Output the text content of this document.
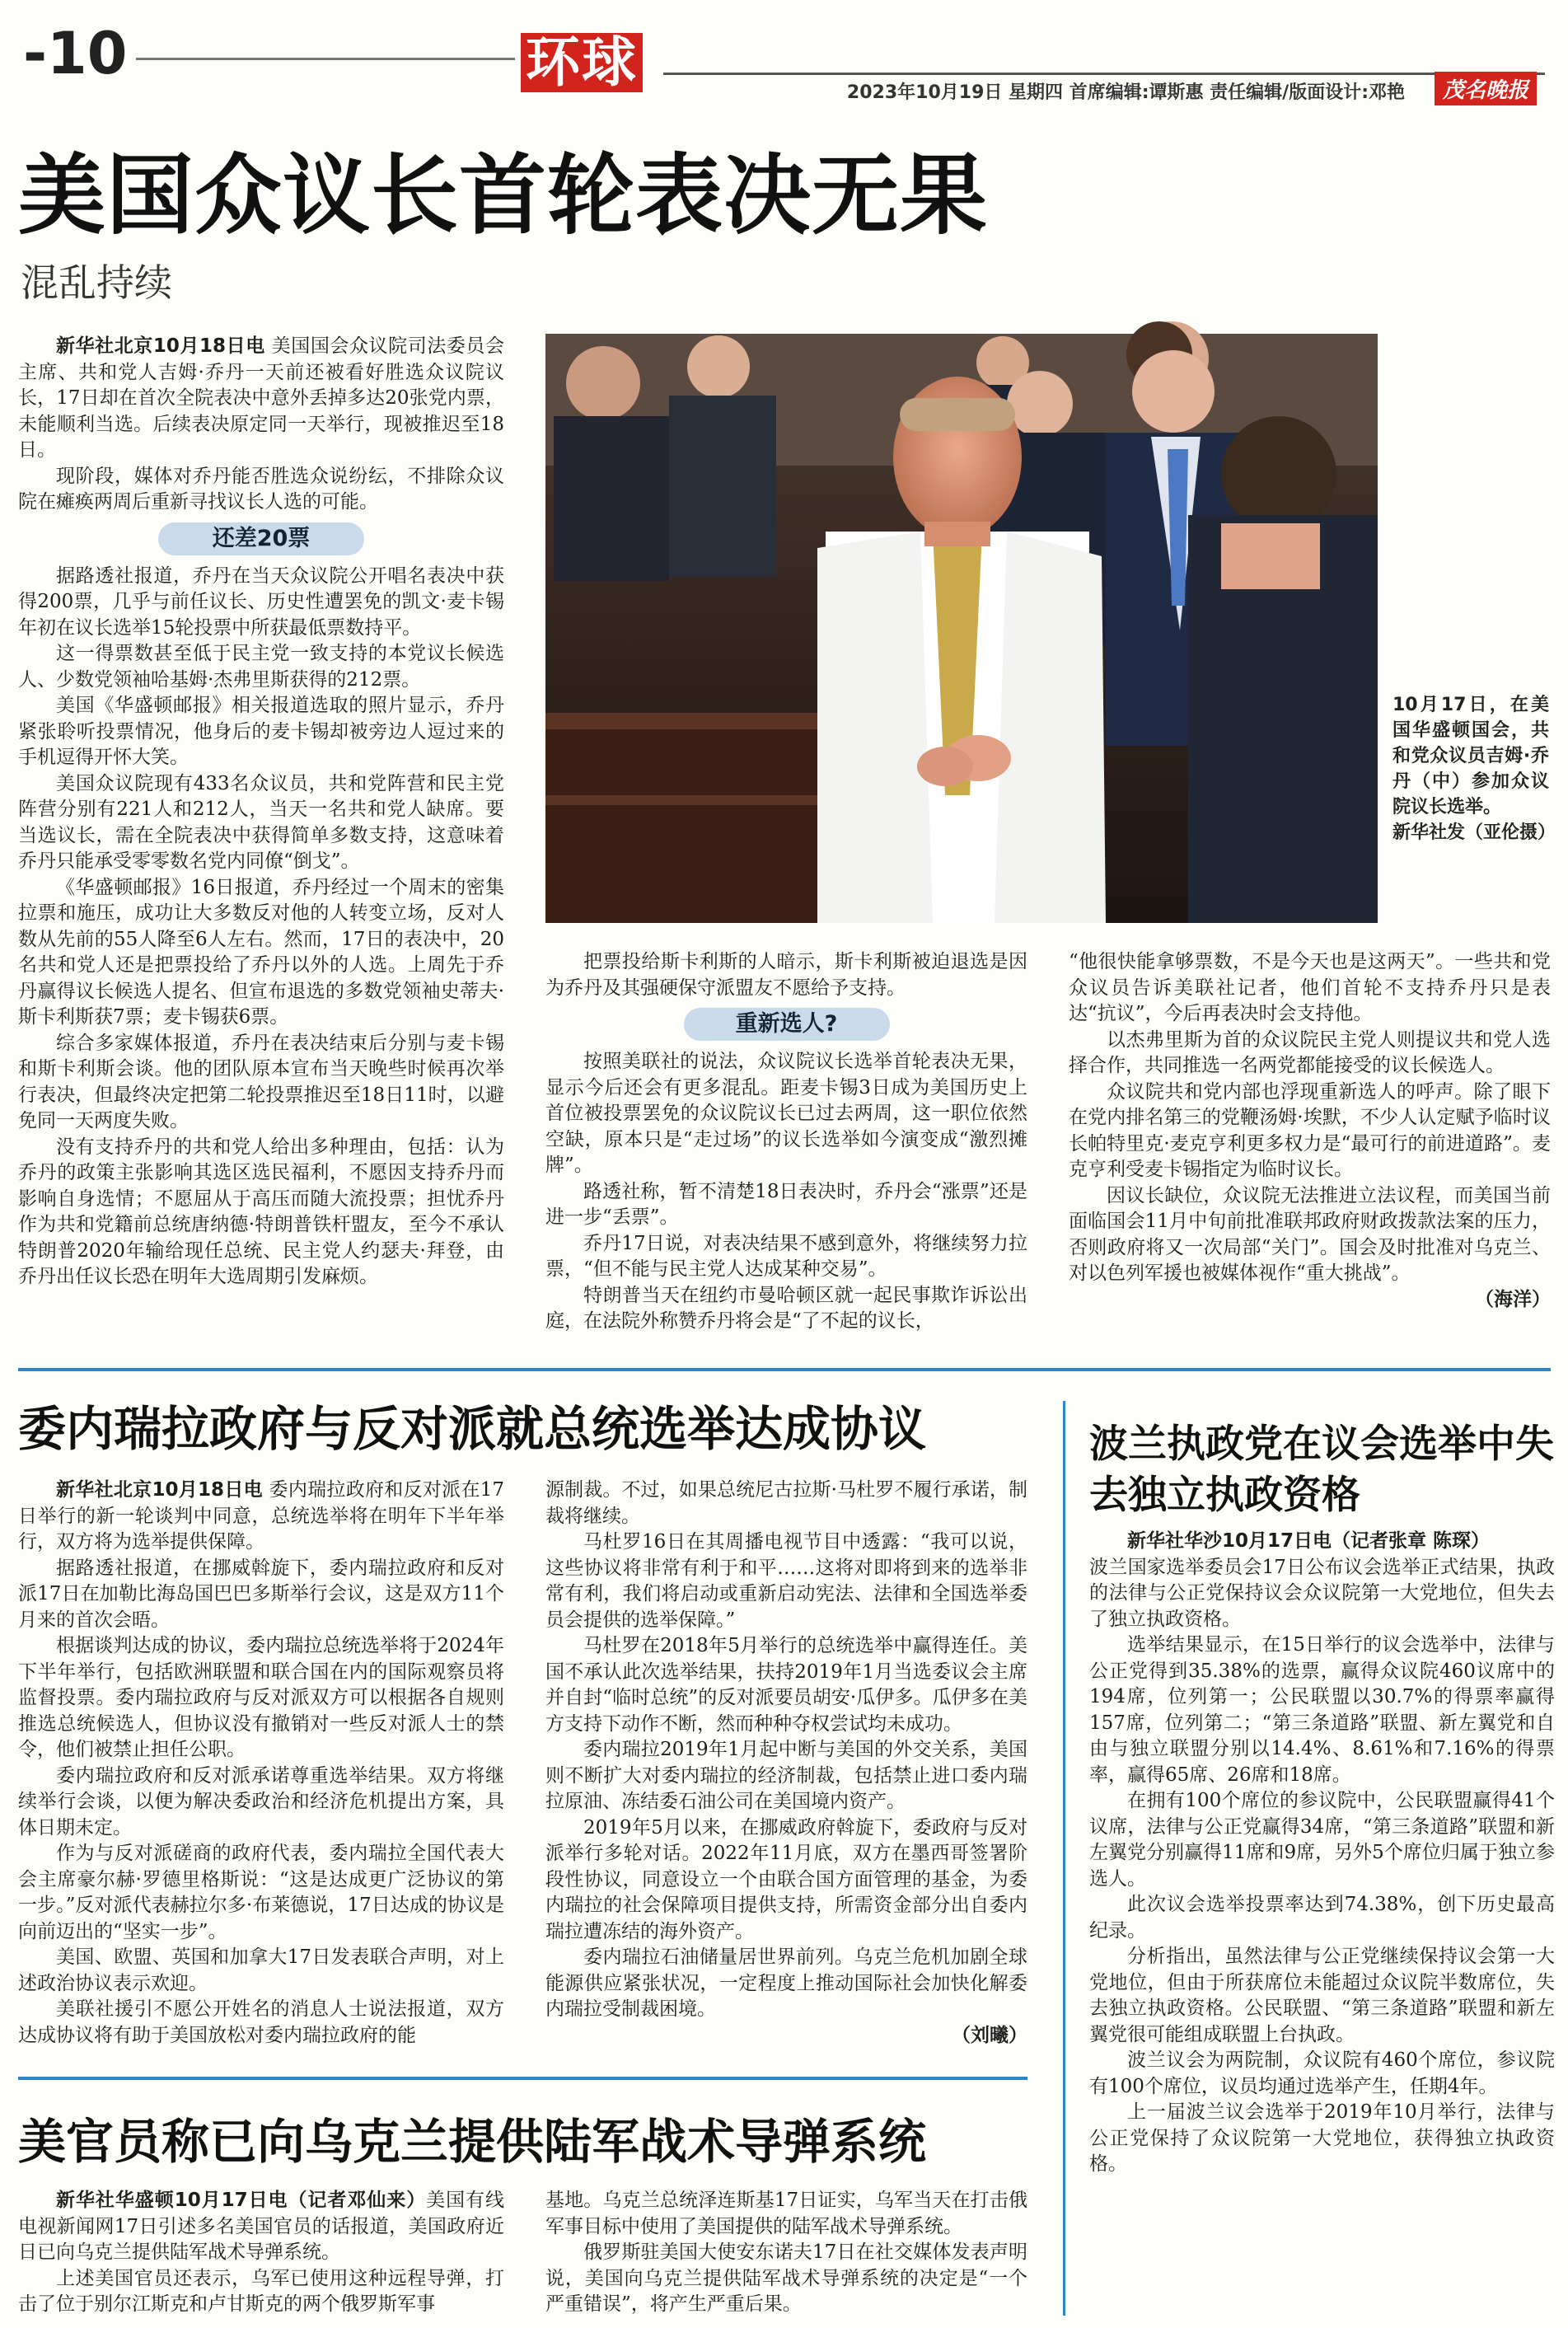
-10	环球	2023年10月19日 星期四 首席编辑:谭斯惠 责任编辑/版面设计:邓艳	茂名晚报
美国众议长首轮表决无果
混乱持续

新华社北京10月18日电 美国国会众议院司法委员会主席、共和党人吉姆·乔丹一天前还被看好胜选众议院议长，17日却在首次全院表决中意外丢掉多达20张党内票，未能顺利当选。后续表决原定同一天举行，现被推迟至18日。

现阶段，媒体对乔丹能否胜选众说纷纭，不排除众议院在瘫痪两周后重新寻找议长人选的可能。

还差20票

据路透社报道，乔丹在当天众议院公开唱名表决中获得200票，几乎与前任议长、历史性遭罢免的凯文·麦卡锡年初在议长选举15轮投票中所获最低票数持平。

这一得票数甚至低于民主党一致支持的本党议长候选人、少数党领袖哈基姆·杰弗里斯获得的212票。

美国《华盛顿邮报》相关报道选取的照片显示，乔丹紧张聆听投票情况，他身后的麦卡锡却被旁边人逗过来的手机逗得开怀大笑。

美国众议院现有433名众议员，共和党阵营和民主党阵营分别有221人和212人，当天一名共和党人缺席。要当选议长，需在全院表决中获得简单多数支持，这意味着乔丹只能承受零零数名党内同僚“倒戈”。

《华盛顿邮报》16日报道，乔丹经过一个周末的密集拉票和施压，成功让大多数反对他的人转变立场，反对人数从先前的55人降至6人左右。然而，17日的表决中，20名共和党人还是把票投给了乔丹以外的人选。上周先于乔丹赢得议长候选人提名、但宣布退选的多数党领袖史蒂夫·斯卡利斯获7票；麦卡锡获6票。

综合多家媒体报道，乔丹在表决结束后分别与麦卡锡和斯卡利斯会谈。他的团队原本宣布当天晚些时候再次举行表决，但最终决定把第二轮投票推迟至18日11时，以避免同一天两度失败。

没有支持乔丹的共和党人给出多种理由，包括：认为乔丹的政策主张影响其选区选民福利，不愿因支持乔丹而影响自身选情；不愿屈从于高压而随大流投票；担忧乔丹作为共和党籍前总统唐纳德·特朗普铁杆盟友，至今不承认特朗普2020年输给现任总统、民主党人约瑟夫·拜登，由乔丹出任议长恐在明年大选周期引发麻烦。

10月17日，在美国华盛顿国会，共和党众议员吉姆·乔丹（中）参加众议院议长选举。
新华社发（亚伦摄）

把票投给斯卡利斯的人暗示，斯卡利斯被迫退选是因为乔丹及其强硬保守派盟友不愿给予支持。

重新选人?

按照美联社的说法，众议院议长选举首轮表决无果，显示今后还会有更多混乱。距麦卡锡3日成为美国历史上首位被投票罢免的众议院议长已过去两周，这一职位依然空缺，原本只是“走过场”的议长选举如今演变成“激烈摊牌”。

路透社称，暂不清楚18日表决时，乔丹会“涨票”还是进一步“丢票”。

乔丹17日说，对表决结果不感到意外，将继续努力拉票，“但不能与民主党人达成某种交易”。

特朗普当天在纽约市曼哈顿区就一起民事欺诈诉讼出庭，在法院外称赞乔丹将会是“了不起的议长，

“他很快能拿够票数，不是今天也是这两天”。一些共和党众议员告诉美联社记者，他们首轮不支持乔丹只是表达“抗议”，今后再表决时会支持他。

以杰弗里斯为首的众议院民主党人则提议共和党人选择合作，共同推选一名两党都能接受的议长候选人。

众议院共和党内部也浮现重新选人的呼声。除了眼下在党内排名第三的党鞭汤姆·埃默，不少人认定赋予临时议长帕特里克·麦克亨利更多权力是“最可行的前进道路”。麦克亨利受麦卡锡指定为临时议长。

因议长缺位，众议院无法推进立法议程，而美国当前面临国会11月中旬前批准联邦政府财政拨款法案的压力，否则政府将又一次局部“关门”。国会及时批准对乌克兰、对以色列军援也被媒体视作“重大挑战”。

（海洋）

委内瑞拉政府与反对派就总统选举达成协议

新华社北京10月18日电 委内瑞拉政府和反对派在17日举行的新一轮谈判中同意，总统选举将在明年下半年举行，双方将为选举提供保障。

据路透社报道，在挪威斡旋下，委内瑞拉政府和反对派17日在加勒比海岛国巴巴多斯举行会议，这是双方11个月来的首次会晤。

根据谈判达成的协议，委内瑞拉总统选举将于2024年下半年举行，包括欧洲联盟和联合国在内的国际观察员将监督投票。委内瑞拉政府与反对派双方可以根据各自规则推选总统候选人，但协议没有撤销对一些反对派人士的禁令，他们被禁止担任公职。

委内瑞拉政府和反对派承诺尊重选举结果。双方将继续举行会谈，以便为解决委政治和经济危机提出方案，具体日期未定。

作为与反对派磋商的政府代表，委内瑞拉全国代表大会主席豪尔赫·罗德里格斯说：“这是达成更广泛协议的第一步。”反对派代表赫拉尔多·布莱德说，17日达成的协议是向前迈出的“坚实一步”。

美国、欧盟、英国和加拿大17日发表联合声明，对上述政治协议表示欢迎。

美联社援引不愿公开姓名的消息人士说法报道，双方达成协议将有助于美国放松对委内瑞拉政府的能

源制裁。不过，如果总统尼古拉斯·马杜罗不履行承诺，制裁将继续。

马杜罗16日在其周播电视节目中透露：“我可以说，这些协议将非常有利于和平……这将对即将到来的选举非常有利，我们将启动或重新启动宪法、法律和全国选举委员会提供的选举保障。”

马杜罗在2018年5月举行的总统选举中赢得连任。美国不承认此次选举结果，扶持2019年1月当选委议会主席并自封“临时总统”的反对派要员胡安·瓜伊多。瓜伊多在美方支持下动作不断，然而种种夺权尝试均未成功。

委内瑞拉2019年1月起中断与美国的外交关系，美国则不断扩大对委内瑞拉的经济制裁，包括禁止进口委内瑞拉原油、冻结委石油公司在美国境内资产。

2019年5月以来，在挪威政府斡旋下，委政府与反对派举行多轮对话。2022年11月底，双方在墨西哥签署阶段性协议，同意设立一个由联合国方面管理的基金，为委内瑞拉的社会保障项目提供支持，所需资金部分出自委内瑞拉遭冻结的海外资产。

委内瑞拉石油储量居世界前列。乌克兰危机加剧全球能源供应紧张状况，一定程度上推动国际社会加快化解委内瑞拉受制裁困境。

（刘曦）

美官员称已向乌克兰提供陆军战术导弹系统

新华社华盛顿10月17日电（记者邓仙来）美国有线电视新闻网17日引述多名美国官员的话报道，美国政府近日已向乌克兰提供陆军战术导弹系统。

上述美国官员还表示，乌军已使用这种远程导弹，打击了位于别尔江斯克和卢甘斯克的两个俄罗斯军事

基地。乌克兰总统泽连斯基17日证实，乌军当天在打击俄军事目标中使用了美国提供的陆军战术导弹系统。

俄罗斯驻美国大使安东诺夫17日在社交媒体发表声明说，美国向乌克兰提供陆军战术导弹系统的决定是“一个严重错误”，将产生严重后果。

波兰执政党在议会选举中失去独立执政资格

新华社华沙10月17日电（记者张章 陈琛）

波兰国家选举委员会17日公布议会选举正式结果，执政的法律与公正党保持议会众议院第一大党地位，但失去了独立执政资格。

选举结果显示，在15日举行的议会选举中，法律与公正党得到35.38%的选票，赢得众议院460议席中的194席，位列第一；公民联盟以30.7%的得票率赢得157席，位列第二；“第三条道路”联盟、新左翼党和自由与独立联盟分别以14.4%、8.61%和7.16%的得票率，赢得65席、26席和18席。

在拥有100个席位的参议院中，公民联盟赢得41个议席，法律与公正党赢得34席，“第三条道路”联盟和新左翼党分别赢得11席和9席，另外5个席位归属于独立参选人。

此次议会选举投票率达到74.38%，创下历史最高纪录。

分析指出，虽然法律与公正党继续保持议会第一大党地位，但由于所获席位未能超过众议院半数席位，失去独立执政资格。公民联盟、“第三条道路”联盟和新左翼党很可能组成联盟上台执政。

波兰议会为两院制，众议院有460个席位，参议院有100个席位，议员均通过选举产生，任期4年。

上一届波兰议会选举于2019年10月举行，法律与公正党保持了众议院第一大党地位，获得独立执政资格。
